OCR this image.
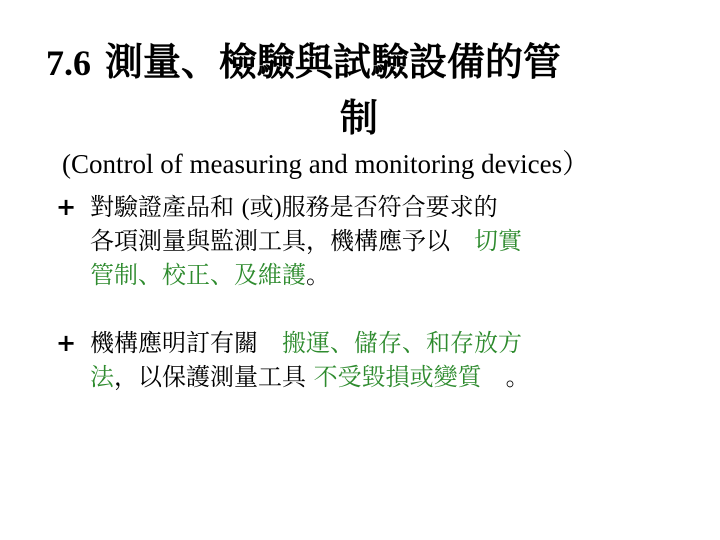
7.6 測量、檢驗與試驗設備的管
制
(Control of measuring and monitoring devices）
+ 對驗證產品和 (或)服務是否符合要求的
各項測量與監測工具，機構應予以　切實
管制、校正、及維護。
+ 機構應明訂有關　搬運、儲存、和存放方
法，以保護測量工具 不受毀損或變質　。
